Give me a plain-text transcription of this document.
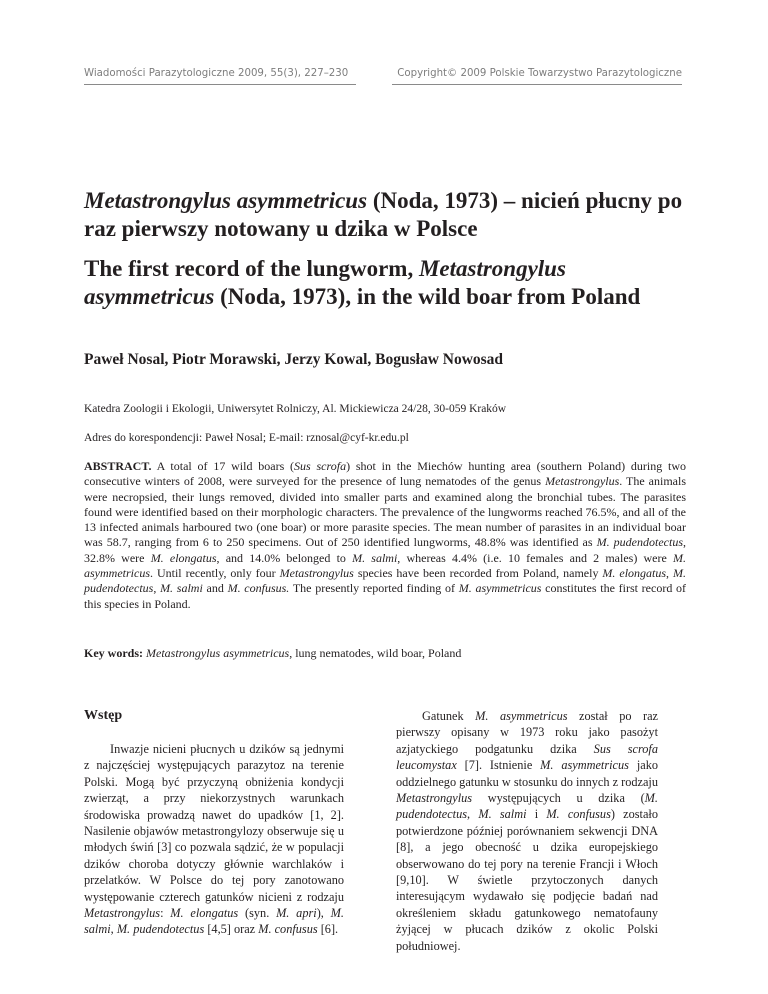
Wiadomości Parazytologiczne 2009, 55(3), 227–230	Copyright© 2009 Polskie Towarzystwo Parazytologiczne
Metastrongylus asymmetricus (Noda, 1973) – nicień płucny po raz pierwszy notowany u dzika w Polsce
The first record of the lungworm, Metastrongylus asymmetricus (Noda, 1973), in the wild boar from Poland
Paweł Nosal, Piotr Morawski, Jerzy Kowal, Bogusław Nowosad
Katedra Zoologii i Ekologii, Uniwersytet Rolniczy, Al. Mickiewicza 24/28, 30-059 Kraków
Adres do korespondencji: Paweł Nosal; E-mail: rznosal@cyf-kr.edu.pl

ABSTRACT. A total of 17 wild boars (Sus scrofa) shot in the Miechów hunting area (southern Poland) during two consecutive winters of 2008, were surveyed for the presence of lung nematodes of the genus Metastrongylus. The animals were necropsied, their lungs removed, divided into smaller parts and examined along the bronchial tubes. The parasites found were identified based on their morphologic characters. The prevalence of the lungworms reached 76.5%, and all of the 13 infected animals harboured two (one boar) or more parasite species. The mean number of parasites in an individual boar was 58.7, ranging from 6 to 250 specimens. Out of 250 identified lungworms, 48.8% was identified as M. pudendotectus, 32.8% were M. elongatus, and 14.0% belonged to M. salmi, whereas 4.4% (i.e. 10 females and 2 males) were M. asymmetricus. Until recently, only four Metastrongylus species have been recorded from Poland, namely M. elongatus, M. pudendotectus, M. salmi and M. confusus. The presently reported finding of M. asymmetricus constitutes the first record of this species in Poland.

Key words: Metastrongylus asymmetricus, lung nematodes, wild boar, Poland

Wstęp

Inwazje nicieni płucnych u dzików są jednymi z najczęściej występujących parazytoz na terenie Polski. Mogą być przyczyną obniżenia kondycji zwierząt, a przy niekorzystnych warunkach środowiska prowadzą nawet do upadków [1, 2]. Nasilenie objawów metastrongylozy obserwuje się u młodych świń [3] co pozwala sądzić, że w populacji dzików choroba dotyczy głównie warchlaków i przelatków. W Polsce do tej pory zanotowano występowanie czterech gatunków nicieni z rodzaju Metastrongylus: M. elongatus (syn. M. apri), M. salmi, M. pudendotectus [4,5] oraz M. confusus [6].

Gatunek M. asymmetricus został po raz pierwszy opisany w 1973 roku jako pasożyt azjatyckiego podgatunku dzika Sus scrofa leucomystax [7]. Istnienie M. asymmetricus jako oddzielnego gatunku w stosunku do innych z rodzaju Metastrongylus występujących u dzika (M. pudendotectus, M. salmi i M. confusus) zostało potwierdzone później porównaniem sekwencji DNA [8], a jego obecność u dzika europejskiego obserwowano do tej pory na terenie Francji i Włoch [9,10]. W świetle przytoczonych danych interesującym wydawało się podjęcie badań nad określeniem składu gatunkowego nematofauny żyjącej w płucach dzików z okolic Polski południowej.
